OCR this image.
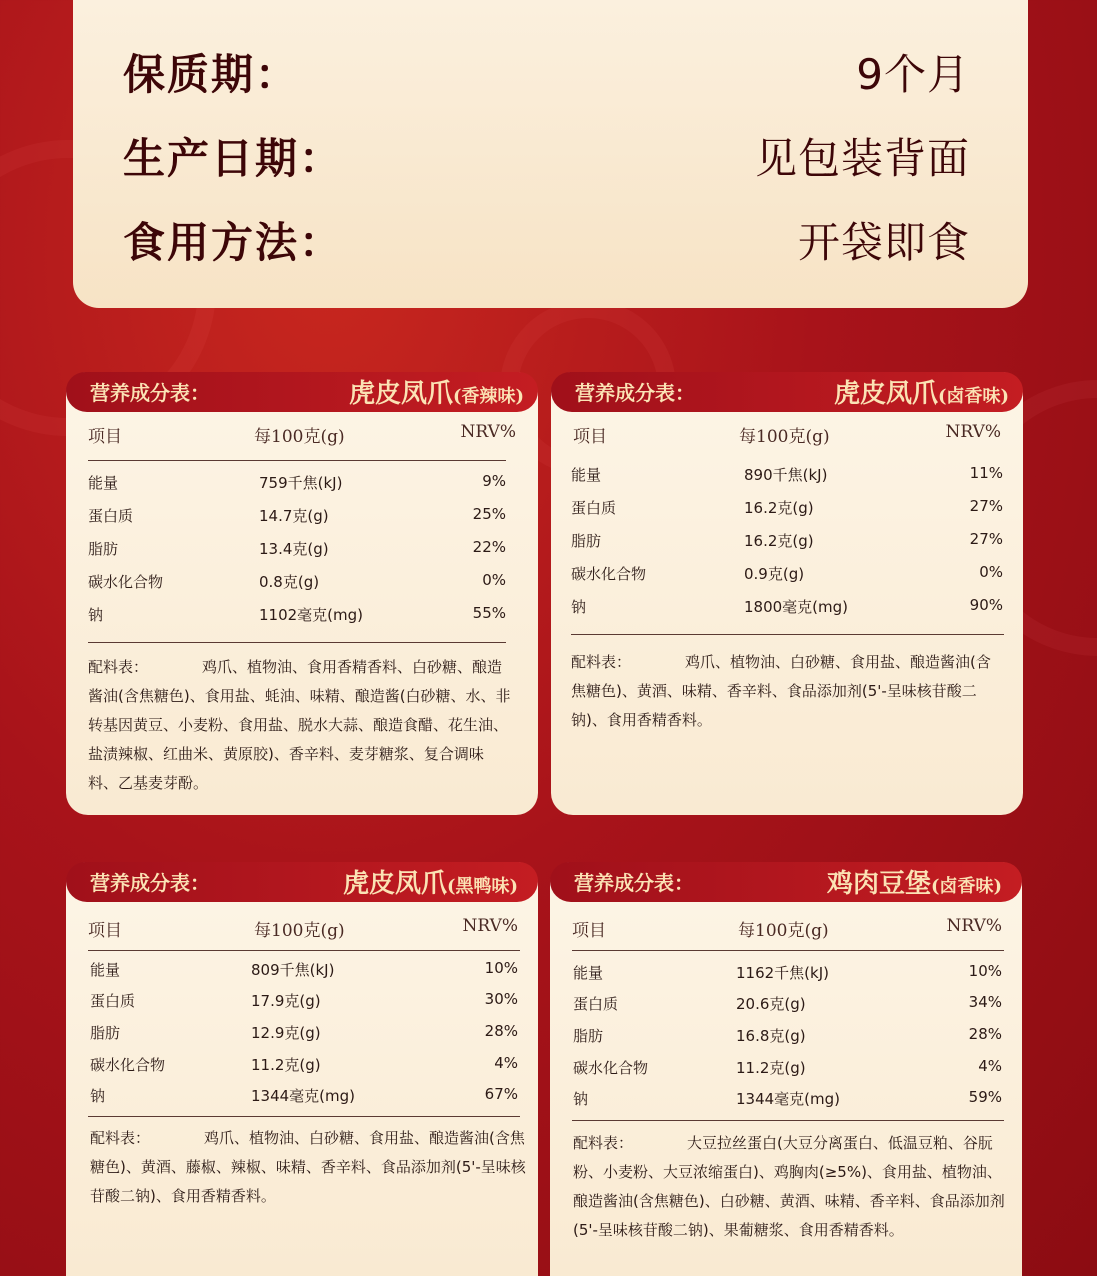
保质期：	9个月
生产日期：	见包装背面
食用方法：	开袋即食
营养成分表：	虎皮凤爪(香辣味)
项目	每100克(g)	NRV%
能量	759千焦(kJ)	9%
蛋白质	14.7克(g)	25%
脂肪	13.4克(g)	22%
碳水化合物	0.8克(g)	0%
钠	1102毫克(mg)	55%
配料表：	鸡爪、植物油、食用香精香料、白砂糖、酿造酱油(含焦糖色)、食用盐、蚝油、味精、酿造酱(白砂糖、水、非转基因黄豆、小麦粉、食用盐、脱水大蒜、酿造食醋、花生油、盐渍辣椒、红曲米、黄原胶)、香辛料、麦芽糖浆、复合调味料、乙基麦芽酚。
营养成分表：	虎皮凤爪(卤香味)
项目	每100克(g)	NRV%
能量	890千焦(kJ)	11%
蛋白质	16.2克(g)	27%
脂肪	16.2克(g)	27%
碳水化合物	0.9克(g)	0%
钠	1800毫克(mg)	90%
配料表：	鸡爪、植物油、白砂糖、食用盐、酿造酱油(含焦糖色)、黄酒、味精、香辛料、食品添加剂(5'-呈味核苷酸二钠)、食用香精香料。
营养成分表：	虎皮凤爪(黑鸭味)
项目	每100克(g)	NRV%
能量	809千焦(kJ)	10%
蛋白质	17.9克(g)	30%
脂肪	12.9克(g)	28%
碳水化合物	11.2克(g)	4%
钠	1344毫克(mg)	67%
配料表：	鸡爪、植物油、白砂糖、食用盐、酿造酱油(含焦糖色)、黄酒、藤椒、辣椒、味精、香辛料、食品添加剂(5'-呈味核苷酸二钠)、食用香精香料。
营养成分表：	鸡肉豆堡(卤香味)
项目	每100克(g)	NRV%
能量	1162千焦(kJ)	10%
蛋白质	20.6克(g)	34%
脂肪	16.8克(g)	28%
碳水化合物	11.2克(g)	4%
钠	1344毫克(mg)	59%
配料表：	大豆拉丝蛋白(大豆分离蛋白、低温豆粕、谷朊粉、小麦粉、大豆浓缩蛋白)、鸡胸肉(≥5%)、食用盐、植物油、酿造酱油(含焦糖色)、白砂糖、黄酒、味精、香辛料、食品添加剂(5'-呈味核苷酸二钠)、果葡糖浆、食用香精香料。
